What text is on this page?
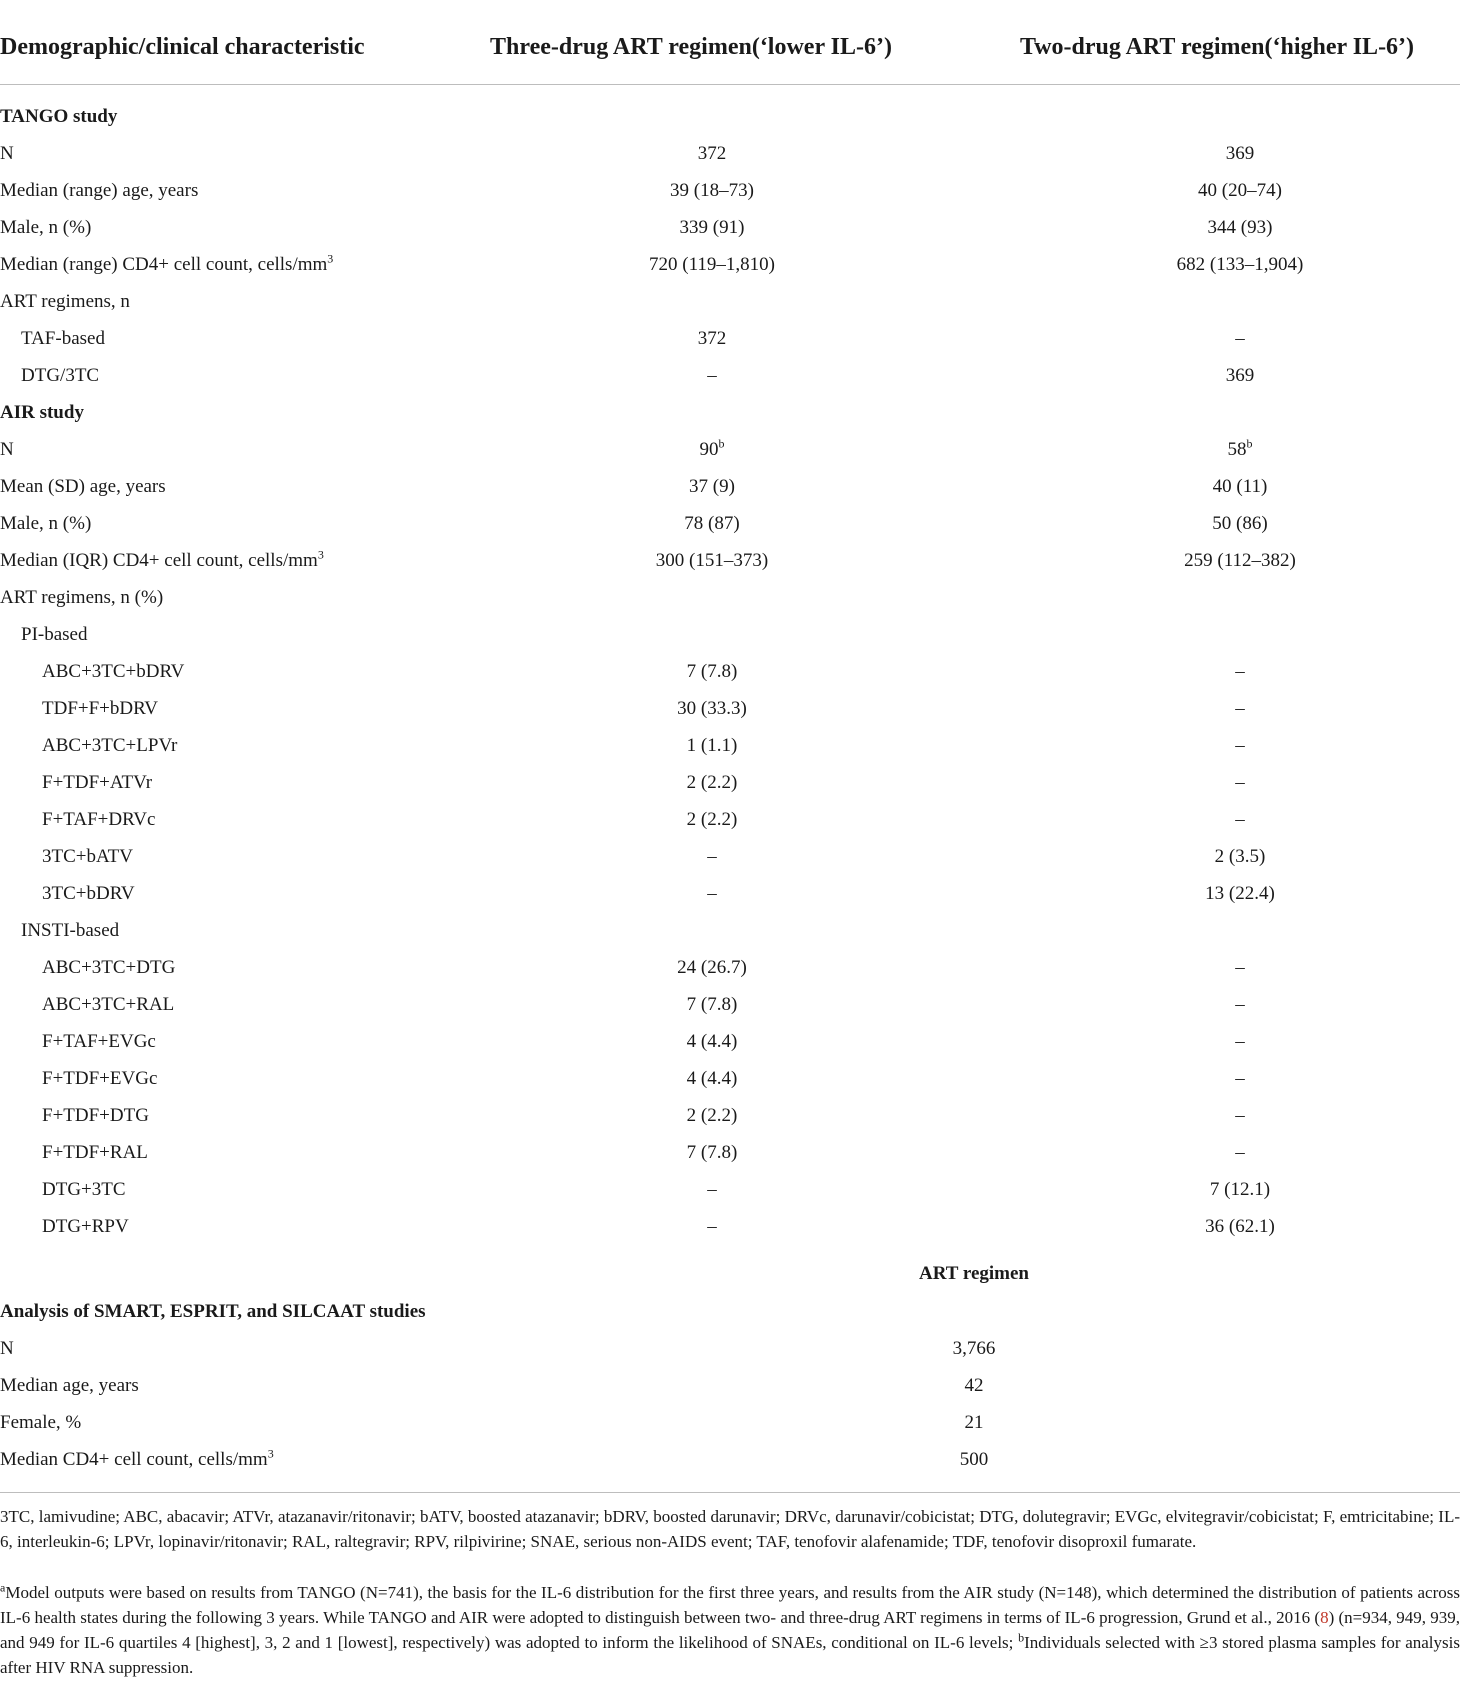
Demographic/clinical characteristic	Three-drug ART regimen(‘lower IL-6’)	Two-drug ART regimen(‘higher IL-6’)
TANGO study
N	372	369
Median (range) age, years	39 (18–73)	40 (20–74)
Male, n (%)	339 (91)	344 (93)
Median (range) CD4+ cell count, cells/$mm^3$	720 (119–1,810)	682 (133–1,904)
ART regimens, n
TAF-based	372	–
DTG/3TC	–	369
AIR study
N	90$^b$	58$^b$
Mean (SD) age, years	37 (9)	40 (11)
Male, n (%)	78 (87)	50 (86)
Median (IQR) CD4+ cell count, cells/$mm^3$	300 (151–373)	259 (112–382)
ART regimens, n (%)
PI-based
ABC+3TC+bDRV	7 (7.8)	–
TDF+F+bDRV	30 (33.3)	–
ABC+3TC+LPVr	1 (1.1)	–
F+TDF+ATVr	2 (2.2)	–
F+TAF+DRVc	2 (2.2)	–
3TC+bATV	–	2 (3.5)
3TC+bDRV	–	13 (22.4)
INSTI-based
ABC+3TC+DTG	24 (26.7)	–
ABC+3TC+RAL	7 (7.8)	–
F+TAF+EVGc	4 (4.4)	–
F+TDF+EVGc	4 (4.4)	–
F+TDF+DTG	2 (2.2)	–
F+TDF+RAL	7 (7.8)	–
DTG+3TC	–	7 (12.1)
DTG+RPV	–	36 (62.1)
ART regimen
Analysis of SMART, ESPRIT, and SILCAAT studies
N	3,766
Median age, years	42
Female, %	21
Median CD4+ cell count, cells/$mm^3$	500
3TC, lamivudine; ABC, abacavir; ATVr, atazanavir/ritonavir; bATV, boosted atazanavir; bDRV, boosted darunavir; DRVc, darunavir/cobicistat; DTG, dolutegravir; EVGc, elvitegravir/cobicistat; F, emtricitabine; IL-6, interleukin-6; LPVr, lopinavir/ritonavir; RAL, raltegravir; RPV, rilpivirine; SNAE, serious non-AIDS event; TAF, tenofovir alafenamide; TDF, tenofovir disoproxil fumarate.
$^a$Model outputs were based on results from TANGO (N=741), the basis for the IL-6 distribution for the first three years, and results from the AIR study (N=148), which determined the distribution of patients across IL-6 health states during the following 3 years. While TANGO and AIR were adopted to distinguish between two- and three-drug ART regimens in terms of IL-6 progression, Grund et al., 2016 (8) (n=934, 949, 939, and 949 for IL-6 quartiles 4 [highest], 3, 2 and 1 [lowest], respectively) was adopted to inform the likelihood of SNAEs, conditional on IL-6 levels; $^b$Individuals selected with ≥3 stored plasma samples for analysis after HIV RNA suppression.
